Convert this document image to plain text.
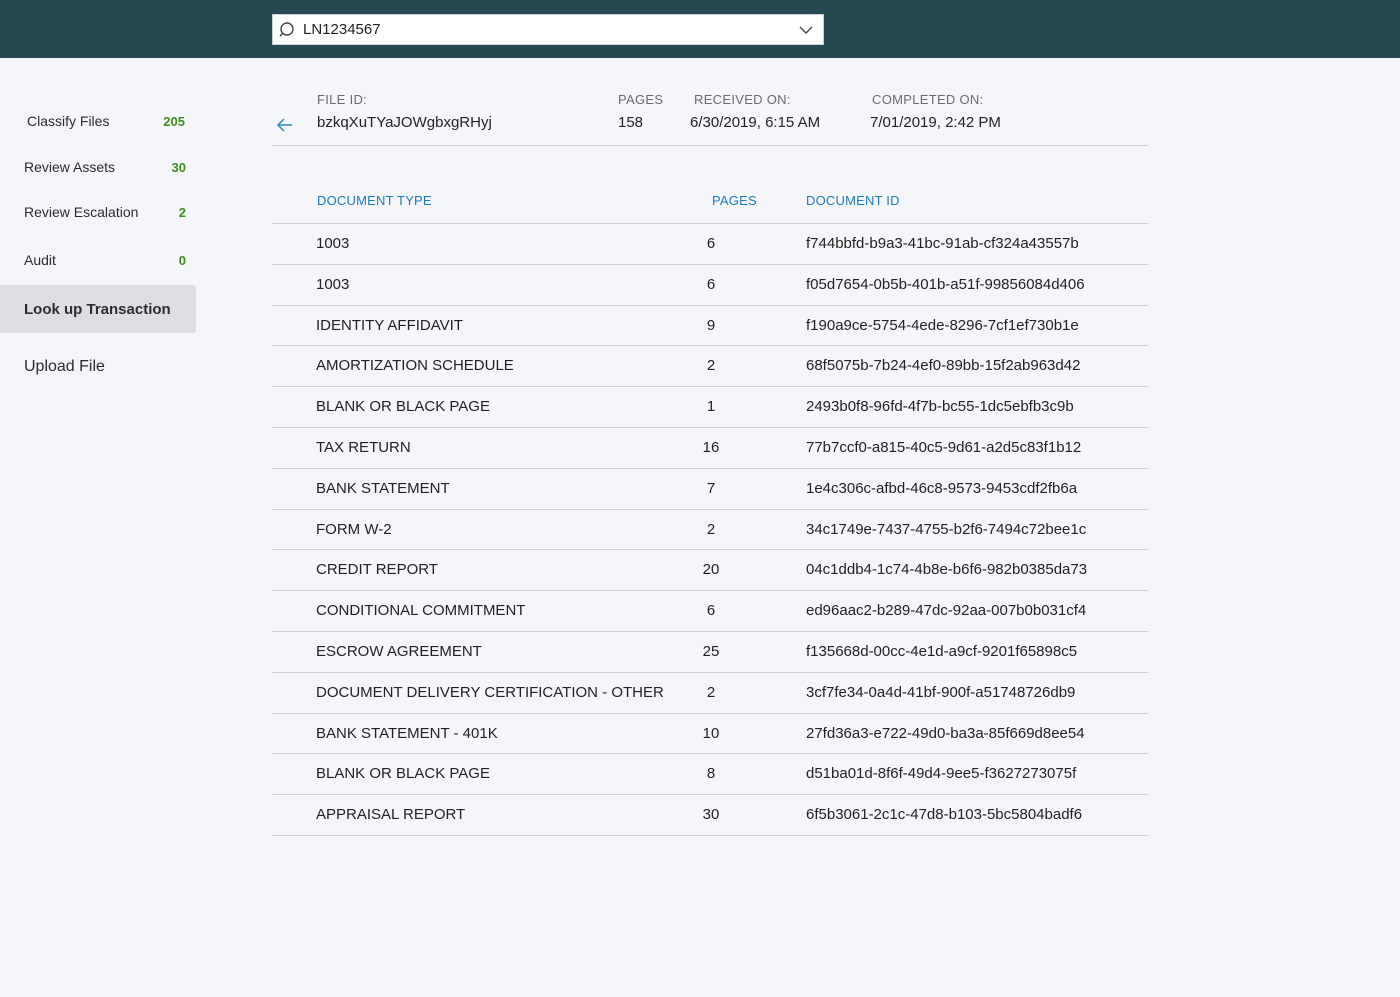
LN1234567
Classify Files	205
Review Assets	30
Review Escalation	2
Audit	0
Look up Transaction
Upload File
FILE ID:
bzkqXuTYaJOWgbxgRHyj
PAGES
158
RECEIVED ON:
6/30/2019, 6:15 AM
COMPLETED ON:
7/01/2019, 2:42 PM
DOCUMENT TYPE	PAGES	DOCUMENT ID
1003	6	f744bbfd-b9a3-41bc-91ab-cf324a43557b
1003	6	f05d7654-0b5b-401b-a51f-99856084d406
IDENTITY AFFIDAVIT	9	f190a9ce-5754-4ede-8296-7cf1ef730b1e
AMORTIZATION SCHEDULE	2	68f5075b-7b24-4ef0-89bb-15f2ab963d42
BLANK OR BLACK PAGE	1	2493b0f8-96fd-4f7b-bc55-1dc5ebfb3c9b
TAX RETURN	16	77b7ccf0-a815-40c5-9d61-a2d5c83f1b12
BANK STATEMENT	7	1e4c306c-afbd-46c8-9573-9453cdf2fb6a
FORM W-2	2	34c1749e-7437-4755-b2f6-7494c72bee1c
CREDIT REPORT	20	04c1ddb4-1c74-4b8e-b6f6-982b0385da73
CONDITIONAL COMMITMENT	6	ed96aac2-b289-47dc-92aa-007b0b031cf4
ESCROW AGREEMENT	25	f135668d-00cc-4e1d-a9cf-9201f65898c5
DOCUMENT DELIVERY CERTIFICATION - OTHER	2	3cf7fe34-0a4d-41bf-900f-a51748726db9
BANK STATEMENT - 401K	10	27fd36a3-e722-49d0-ba3a-85f669d8ee54
BLANK OR BLACK PAGE	8	d51ba01d-8f6f-49d4-9ee5-f3627273075f
APPRAISAL REPORT	30	6f5b3061-2c1c-47d8-b103-5bc5804badf6
